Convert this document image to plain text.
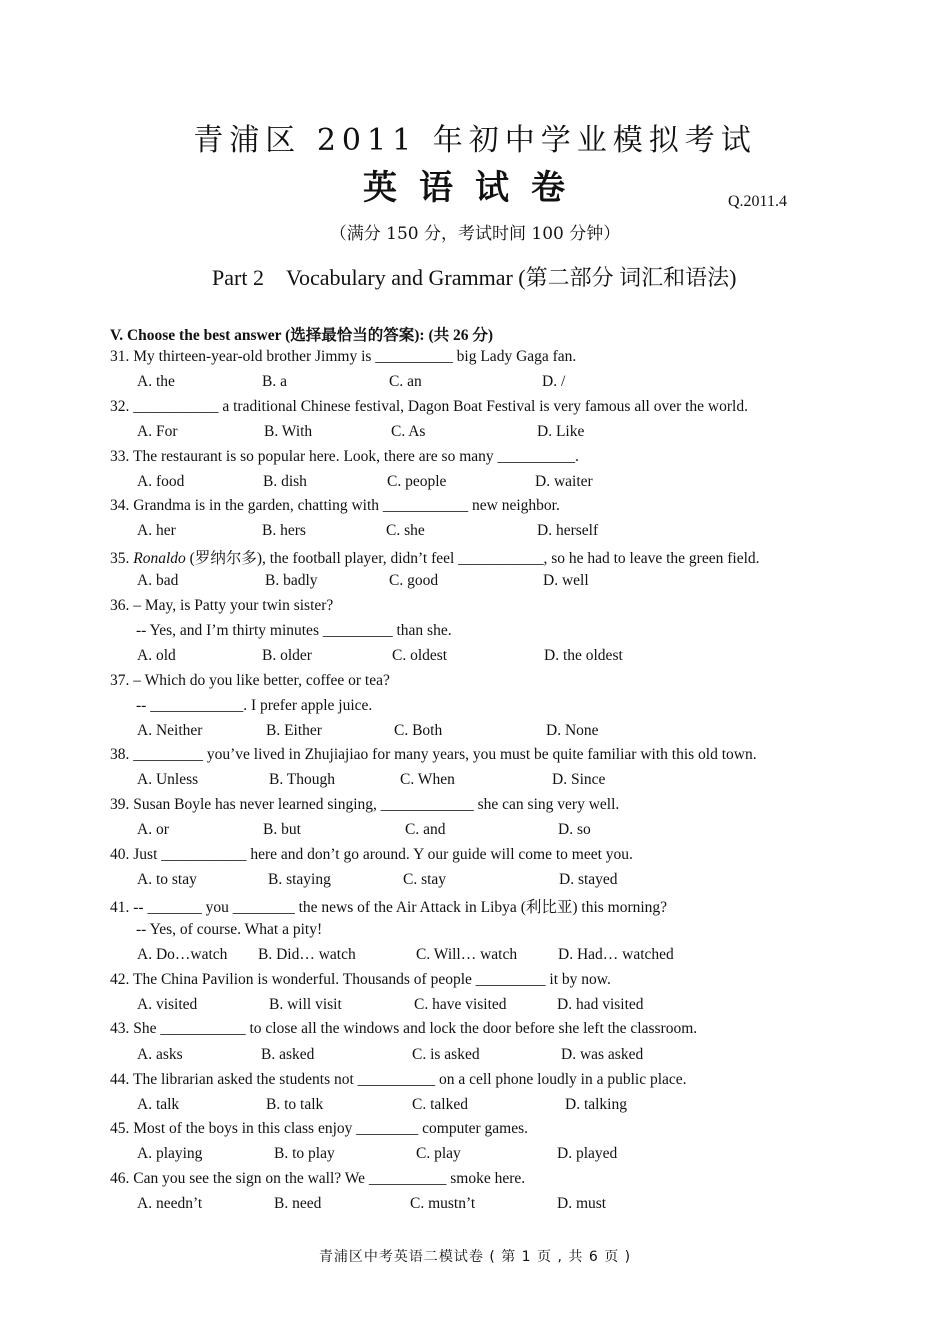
青浦区 2011 年初中学业模拟考试
英语试卷	Q.2011.4
（满分 150 分，考试时间 100 分钟）
Part 2 Vocabulary and Grammar (第二部分 词汇和语法)
V. Choose the best answer (选择最恰当的答案): (共 26 分)
31. My thirteen-year-old brother Jimmy is __________ big Lady Gaga fan.
A. the	B. a	C. an	D. /
32. ___________ a traditional Chinese festival, Dagon Boat Festival is very famous all over the world.
A. For	B. With	C. As	D. Like
33. The restaurant is so popular here. Look, there are so many __________.
A. food	B. dish	C. people	D. waiter
34. Grandma is in the garden, chatting with ___________ new neighbor.
A. her	B. hers	C. she	D. herself
35. Ronaldo (罗纳尔多), the football player, didn’t feel ___________, so he had to leave the green field.
A. bad	B. badly	C. good	D. well
36. – May, is Patty your twin sister?
-- Yes, and I’m thirty minutes _________ than she.
A. old	B. older	C. oldest	D. the oldest
37. – Which do you like better, coffee or tea?
-- ____________. I prefer apple juice.
A. Neither	B. Either	C. Both	D. None
38. _________ you’ve lived in Zhujiajiao for many years, you must be quite familiar with this old town.
A. Unless	B. Though	C. When	D. Since
39. Susan Boyle has never learned singing, ____________ she can sing very well.
A. or	B. but	C. and	D. so
40. Just ___________ here and don’t go around. Y our guide will come to meet you.
A. to stay	B. staying	C. stay	D. stayed
41. -- _______ you ________ the news of the Air Attack in Libya (利比亚) this morning?
-- Yes, of course. What a pity!
A. Do…watch B. Did… watch	C. Will… watch	D. Had… watched
42. The China Pavilion is wonderful. Thousands of people _________ it by now.
A. visited	B. will visit	C. have visited	D. had visited
43. She ___________ to close all the windows and lock the door before she left the classroom.
A. asks	B. asked	C. is asked	D. was asked
44. The librarian asked the students not __________ on a cell phone loudly in a public place.
A. talk	B. to talk	C. talked	D. talking
45. Most of the boys in this class enjoy ________ computer games.
A. playing	B. to play	C. play	D. played
46. Can you see the sign on the wall? We __________ smoke here.
A. needn’t	B. need	C. mustn’t	D. must
青浦区中考英语二模试卷 ( 第 1 页 , 共 6 页 )
